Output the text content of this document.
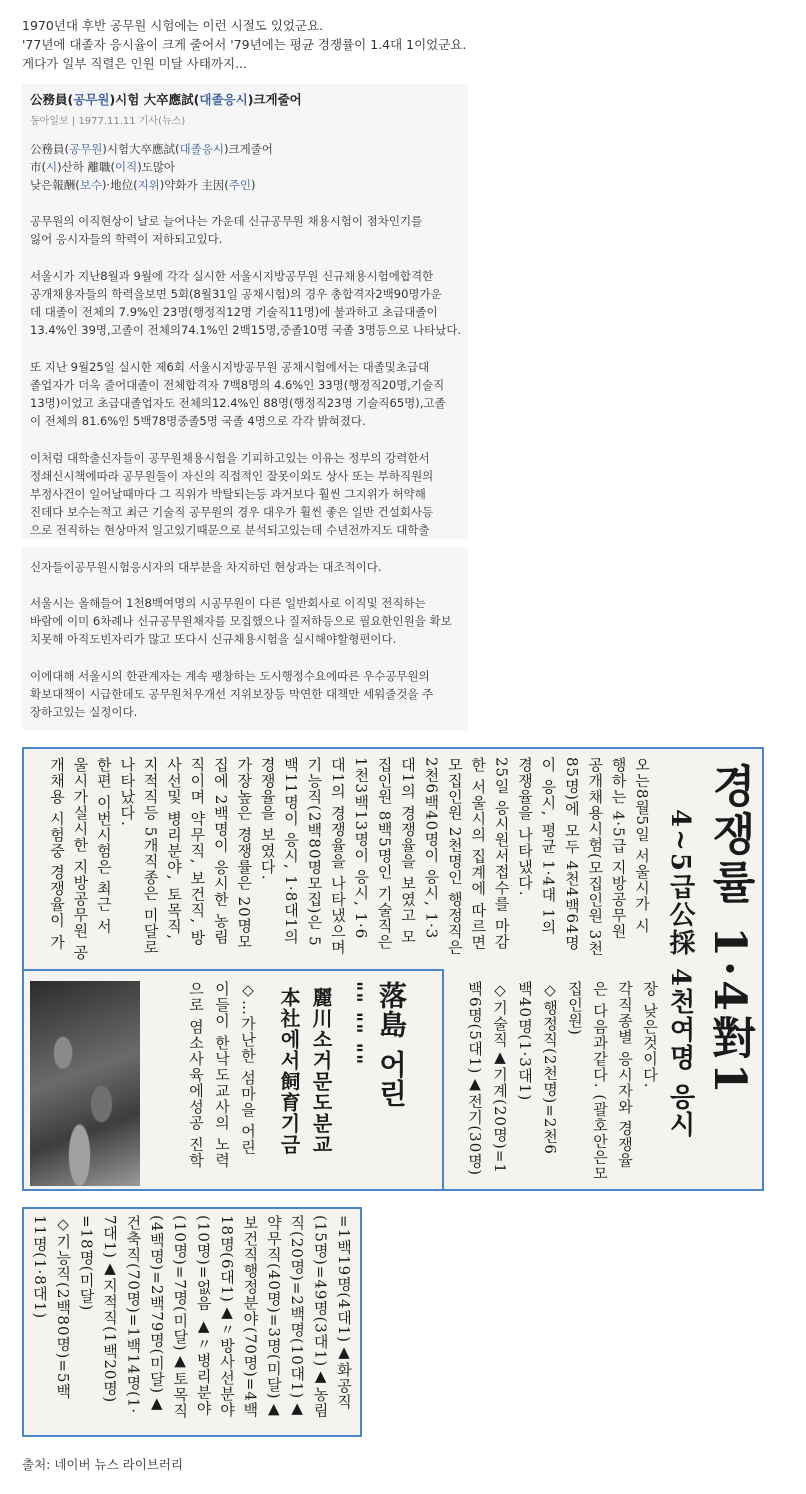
1970년대 후반 공무원 시험에는 이런 시절도 있었군요.
'77년에 대졸자 응시율이 크게 줄어서 '79년에는 평균 경쟁률이 1.4대 1이었군요.
게다가 일부 직렬은 인원 미달 사태까지...
公務員(공무원)시험 大卒應試(대졸응시)크게줄어
동아일보 | 1977.11.11 기사(뉴스)
公務員(공무원)시험大卒應試(대졸응시)크게줄어
市(시)산하 離職(이직)도많아
낮은報酬(보수)·地位(지위)약화가 主因(주인)
공무원의 이직현상이 날로 늘어나는 가운데 신규공무원 채용시험이 점차인기를
잃어 응시자들의 학력이 저하되고있다.
서울시가 지난8월과 9월에 각각 실시한 서울시지방공무원 신규채용시험에합격한
공개채용자들의 학력을보면 5회(8월31일 공채시험)의 경우 총합격자2백90명가운
데 대졸이 전체의 7.9%인 23명(행정직12명 기술직11명)에 불과하고 초급대졸이
13.4%인 39명,고졸이 전체의74.1%인 2백15명,중졸10명 국졸 3명등으로 나타났다.
또 지난 9월25일 실시한 제6회 서울시지방공무원 공채시험에서는 대졸및초급대
졸업자가 더욱 줄어대졸이 전체합격자 7백8명의 4.6%인 33명(행정직20명,기술직
13명)이었고 초급대졸업자도 전체의12.4%인 88명(행정직23명 기술직65명),고졸
이 전체의 81.6%인 5백78명중졸5명 국졸 4명으로 각각 밝혀졌다.
이처럼 대학출신자들이 공무원채용시험을 기피하고있는 이유는 정부의 강력한서
정쇄신시책에따라 공무원들이 자신의 직접적인 잘못이외도 상사 또는 부하직원의
부정사건이 일어날때마다 그 직위가 박탈되는등 과거보다 훨씬 그지위가 허약해
진데다 보수는적고 최근 기술직 공무원의 경우 대우가 훨씬 좋은 일반 건설회사등
으로 전직하는 현상마저 일고있기때문으로 분석되고있는데 수년전까지도 대학출
신자들이공무원시험응시자의 대부분을 차지하던 현상과는 대조적이다.
서울시는 올해들어 1천8백여명의 시공무원이 다른 일반회사로 이직및 전직하는
바람에 이미 6차례나 신규공무원채자를 모집했으나 질저하등으로 필요한인원을 확보
치못해 아직도빈자리가 많고 또다시 신규채용시험을 실시해야할형편이다.
이에대해 서울시의 한관계자는 계속 팽창하는 도시행정수요에따른 우수공무원의
확보대책이 시급한데도 공무원처우개선 지위보장등 막연한 대책만 세워줄것을 주
장하고있는 실정이다.
경쟁률 1·4對1
4~5급公採 4천여명 응시
오는8월5일 서울시가 시
행하는 4·5급 지방공무원
공개채용시험(모집인원 3천
85명)에 모두 4천4백64명
이 응시, 평균 1·4대 1의
경쟁율을 나타냈다.
25일 응시원서접수를 마감
한 서울시의 집계에 따르면
모집인원 2천명인 행정직은
2천6백40명이 응시, 1·3
대1의 경쟁율을 보였고 모
집인원 8백5명인 기술직은
1천3백13명이 응시, 1·6
대1의 경쟁율을 나타냈으며
기능직(2백80명모집)은 5
백11명이 응시, 1·8대1의
경쟁율을 보였다.
가장높은 경쟁률은 20명모
집에 2백명이 응시한 농림
직이며 약무직, 보건직, 방
사선및 병리분야, 토목직,
지적직등 5개직종은 미달로
나타났다.
한편 이번시험은 최근 서
울시가실시한 지방공무원 공
개채용 시험중 경쟁율이 가
장 낮은것이다.
각직종별 응시자와 경쟁율
은 다음과같다. (괄호안은모
집인원)
◇행정직(2천명)=2천6
백40명(1·3대1)
◇기술직▲기계(20명)=1
백6명(5대1)▲전기(30명)
落島 어린
"" "" ""
麗川소거문도분교
本社에서飼育기금
◇…가난한 섬마을 어린
이들이 한낙도교사의 노력
으로 염소사육에성공 진학
=1백19명(4대1)▲화공직
(15명)=49명(3대1)▲농림
직(20명)=2백명(10대1)▲
약무직(40명)=3명(미달)▲
보건직행정분야(70명)=4백
18명(6대1)▲〃방사선분야
(10명)=없음 ▲〃병리분야
(10명)=7명(미달)▲토목직
(4백명)=2백79명(미달)▲
건축직(70명)=1백14명(1·
7대1)▲지적직(1백20명)
=18명(미달)
◇기능직(2백80명)=5백
11명(1·8대1)
출처: 네이버 뉴스 라이브러리
